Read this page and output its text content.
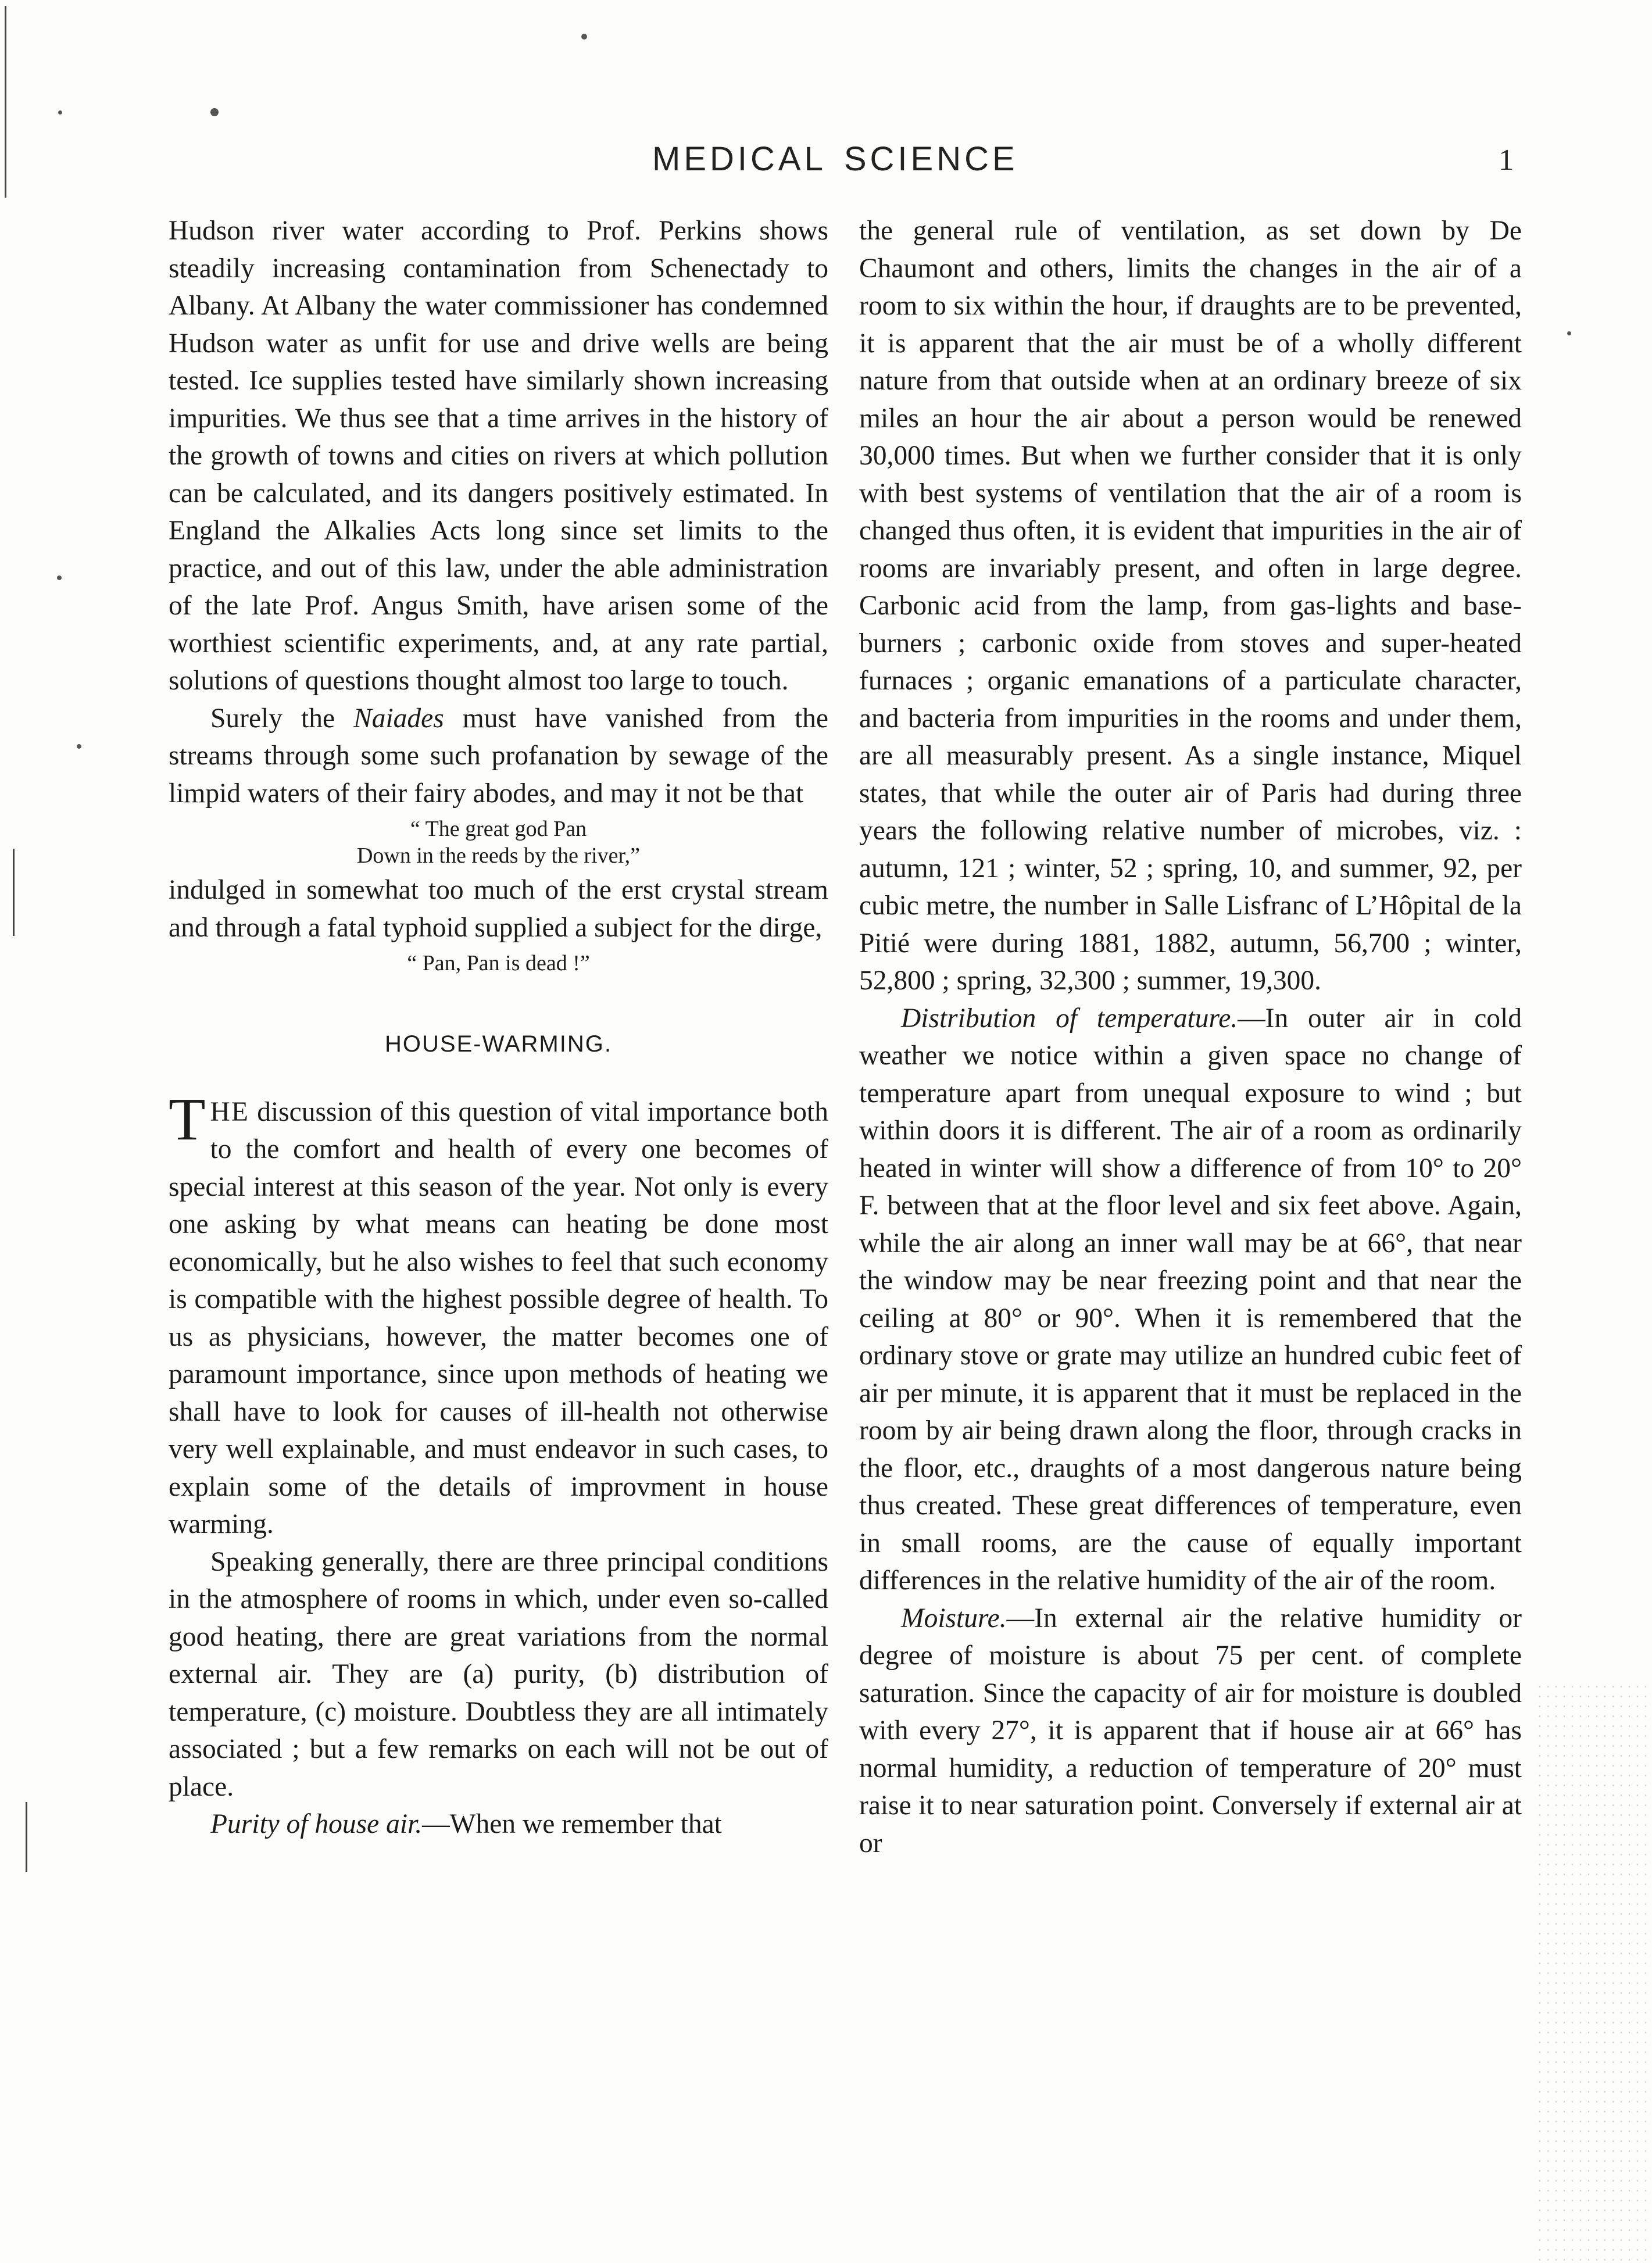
MEDICAL SCIENCE	1

Hudson river water according to Prof. Perkins shows steadily increasing contamination from Schenectady to Albany. At Albany the water commissioner has condemned Hudson water as unfit for use and drive wells are being tested. Ice supplies tested have similarly shown increasing impurities. We thus see that a time arrives in the history of the growth of towns and cities on rivers at which pollution can be calculated, and its dangers positively estimated. In England the Alkalies Acts long since set limits to the practice, and out of this law, under the able administration of the late Prof. Angus Smith, have arisen some of the worthiest scientific experiments, and, at any rate partial, solutions of questions thought almost too large to touch.

Surely the Naiades must have vanished from the streams through some such profanation by sewage of the limpid waters of their fairy abodes, and may it not be that

“ The great god Pan
Down in the reeds by the river,”

indulged in somewhat too much of the erst crystal stream and through a fatal typhoid supplied a subject for the dirge,

“ Pan, Pan is dead !”
HOUSE-WARMING.

THE discussion of this question of vital importance both to the comfort and health of every one becomes of special interest at this season of the year. Not only is every one asking by what means can heating be done most economically, but he also wishes to feel that such economy is compatible with the highest possible degree of health. To us as physicians, however, the matter becomes one of paramount importance, since upon methods of heating we shall have to look for causes of ill-health not otherwise very well explainable, and must endeavor in such cases, to explain some of the details of improvment in house warming.

Speaking generally, there are three principal conditions in the atmosphere of rooms in which, under even so-called good heating, there are great variations from the normal external air. They are (a) purity, (b) distribution of temperature, (c) moisture. Doubtless they are all intimately associated ; but a few remarks on each will not be out of place.

Purity of house air.—When we remember that

the general rule of ventilation, as set down by De Chaumont and others, limits the changes in the air of a room to six within the hour, if draughts are to be prevented, it is apparent that the air must be of a wholly different nature from that outside when at an ordinary breeze of six miles an hour the air about a person would be renewed 30,000 times. But when we further consider that it is only with best systems of ventilation that the air of a room is changed thus often, it is evident that impurities in the air of rooms are invariably present, and often in large degree. Carbonic acid from the lamp, from gas-lights and base-burners ; carbonic oxide from stoves and super-heated furnaces ; organic emanations of a particulate character, and bacteria from impurities in the rooms and under them, are all measurably present. As a single instance, Miquel states, that while the outer air of Paris had during three years the following relative number of microbes, viz. : autumn, 121 ; winter, 52 ; spring, 10, and summer, 92, per cubic metre, the number in Salle Lisfranc of L’Hôpital de la Pitié were during 1881, 1882, autumn, 56,700 ; winter, 52,800 ; spring, 32,300 ; summer, 19,300.

Distribution of temperature.—In outer air in cold weather we notice within a given space no change of temperature apart from unequal exposure to wind ; but within doors it is different. The air of a room as ordinarily heated in winter will show a difference of from 10° to 20° F. between that at the floor level and six feet above. Again, while the air along an inner wall may be at 66°, that near the window may be near freezing point and that near the ceiling at 80° or 90°. When it is remembered that the ordinary stove or grate may utilize an hundred cubic feet of air per minute, it is apparent that it must be replaced in the room by air being drawn along the floor, through cracks in the floor, etc., draughts of a most dangerous nature being thus created. These great differences of temperature, even in small rooms, are the cause of equally important differences in the relative humidity of the air of the room.

Moisture.—In external air the relative humidity or degree of moisture is about 75 per cent. of complete saturation. Since the capacity of air for moisture is doubled with every 27°, it is apparent that if house air at 66° has normal humidity, a reduction of temperature of 20° must raise it to near saturation point. Conversely if external air at or
